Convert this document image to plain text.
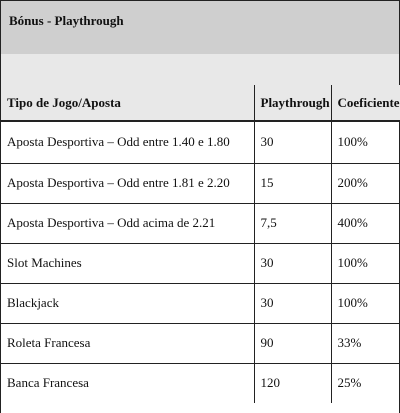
Bónus - Playthrough
Tipo de Jogo/Aposta	Playthrough	Coeficiente
Aposta Desportiva – Odd entre 1.40 e 1.80	30	100%
Aposta Desportiva – Odd entre 1.81 e 2.20	15	200%
Aposta Desportiva – Odd acima de 2.21	7,5	400%
Slot Machines	30	100%
Blackjack	30	100%
Roleta Francesa	90	33%
Banca Francesa	120	25%
